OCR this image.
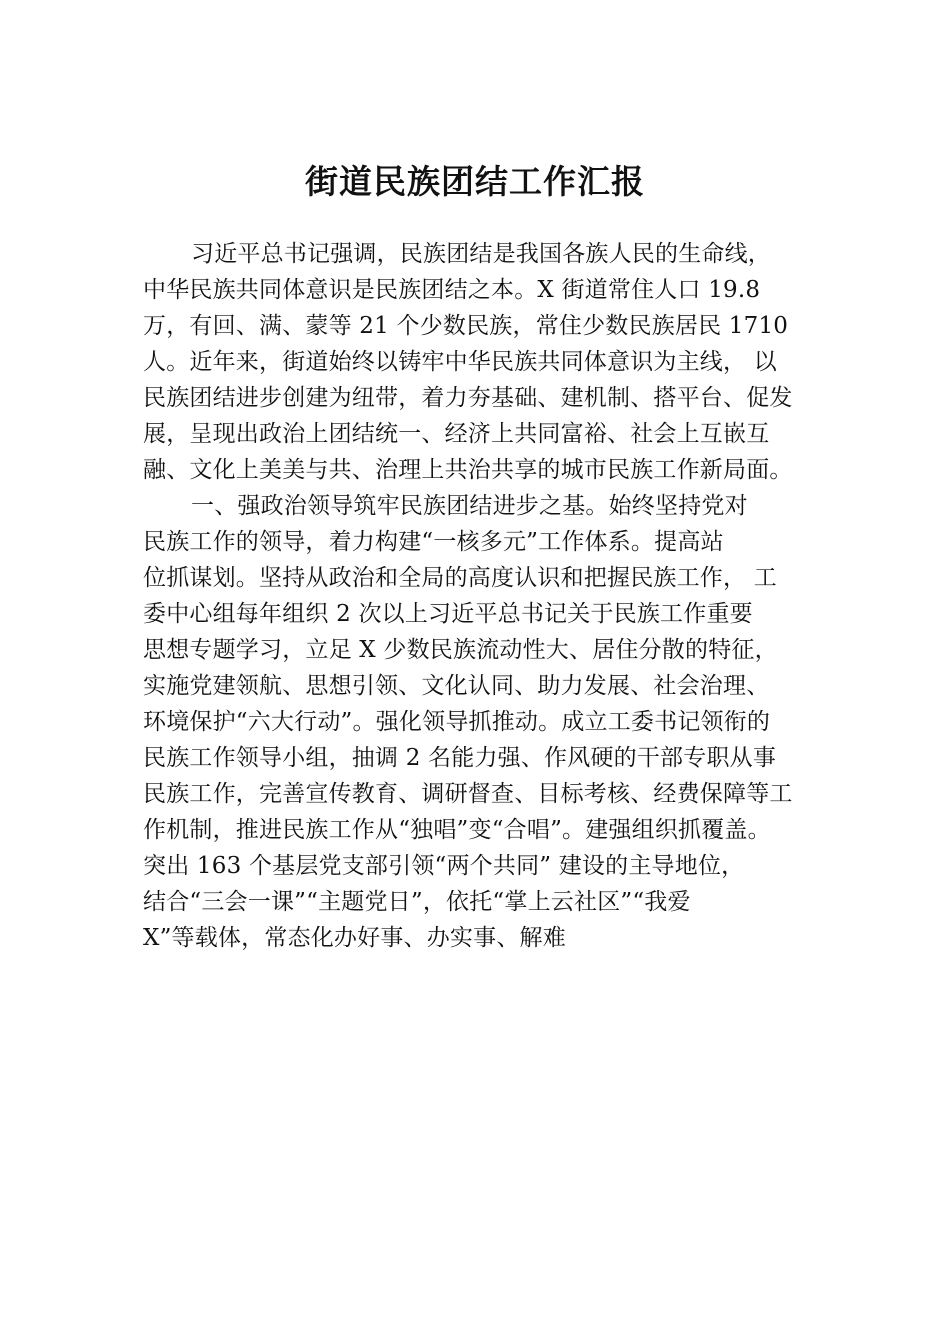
街道民族团结工作汇报
习近平总书记强调，民族团结是我国各族人民的生命线，
中华民族共同体意识是民族团结之本。X 街道常住人口 19.8
万，有回、满、蒙等 21 个少数民族，常住少数民族居民 1710
人。近年来，街道始终以铸牢中华民族共同体意识为主线， 以
民族团结进步创建为纽带，着力夯基础、建机制、搭平台、促发
展，呈现出政治上团结统一、经济上共同富裕、社会上互嵌互
融、文化上美美与共、治理上共治共享的城市民族工作新局面。
一、强政治领导筑牢民族团结进步之基。始终坚持党对
民族工作的领导，着力构建“一核多元”工作体系。提高站
位抓谋划。坚持从政治和全局的高度认识和把握民族工作， 工
委中心组每年组织 2 次以上习近平总书记关于民族工作重要
思想专题学习，立足 X 少数民族流动性大、居住分散的特征，
实施党建领航、思想引领、文化认同、助力发展、社会治理、
环境保护“六大行动”。强化领导抓推动。成立工委书记领衔的
民族工作领导小组，抽调 2 名能力强、作风硬的干部专职从事
民族工作，完善宣传教育、调研督查、目标考核、经费保障等工
作机制，推进民族工作从“独唱”变“合唱”。建强组织抓覆盖。
突出 163 个基层党支部引领“两个共同” 建设的主导地位，
结合“三会一课”“主题党日”，依托“掌上云社区”“我爱
X”等载体，常态化办好事、办实事、解难
